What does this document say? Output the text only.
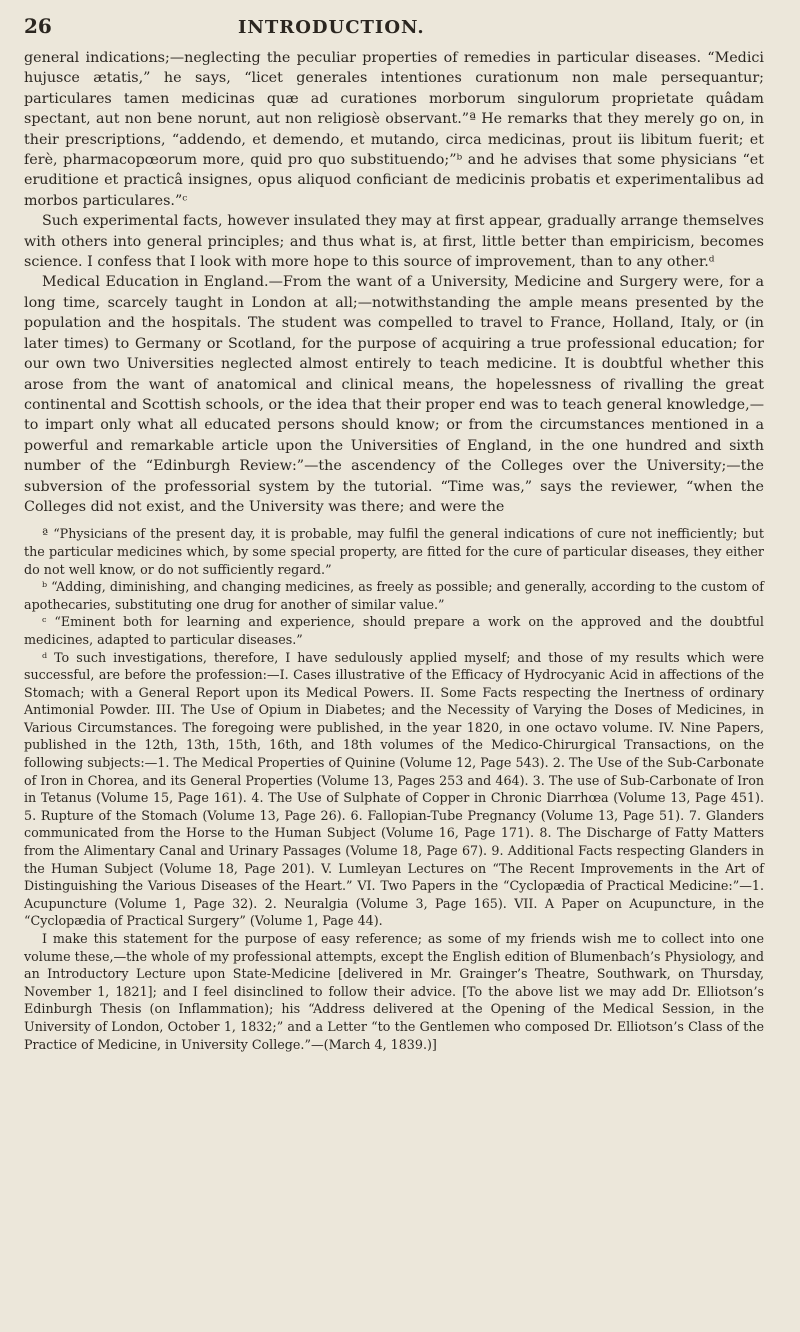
26	INTRODUCTION.

general indications;—neglecting the peculiar properties of remedies in particular diseases. “Medici hujusce ætatis,” he says, “licet generales intentiones curationum non male persequantur; particulares tamen medicinas quæ ad curationes morborum singulorum proprietate quâdam spectant, aut non bene norunt, aut non religiosè observant.”ª He remarks that they merely go on, in their prescriptions, “addendo, et demendo, et mutando, circa medicinas, prout iis libitum fuerit; et ferè, pharmacopœorum more, quid pro quo substituendo;”ᵇ and he advises that some physicians “et eruditione et practicâ insignes, opus aliquod conficiant de medicinis probatis et experimentalibus ad morbos particulares.”ᶜ

Such experimental facts, however insulated they may at first appear, gradually arrange themselves with others into general principles; and thus what is, at first, little better than empiricism, becomes science. I confess that I look with more hope to this source of improvement, than to any other.ᵈ

Medical Education in England.—From the want of a University, Medicine and Surgery were, for a long time, scarcely taught in London at all;—notwithstanding the ample means presented by the population and the hospitals. The student was compelled to travel to France, Holland, Italy, or (in later times) to Germany or Scotland, for the purpose of acquiring a true professional education; for our own two Universities neglected almost entirely to teach medicine. It is doubtful whether this arose from the want of anatomical and clinical means, the hopelessness of rivalling the great continental and Scottish schools, or the idea that their proper end was to teach general knowledge,—to impart only what all educated persons should know; or from the circumstances mentioned in a powerful and remarkable article upon the Universities of England, in the one hundred and sixth number of the “Edinburgh Review:”—the ascendency of the Colleges over the University;—the subversion of the professorial system by the tutorial. “Time was,” says the reviewer, “when the Colleges did not exist, and the University was there; and were the

ª “Physicians of the present day, it is probable, may fulfil the general indications of cure not inefficiently; but the particular medicines which, by some special property, are fitted for the cure of particular diseases, they either do not well know, or do not sufficiently regard.”

ᵇ “Adding, diminishing, and changing medicines, as freely as possible; and generally, according to the custom of apothecaries, substituting one drug for another of similar value.”

ᶜ “Eminent both for learning and experience, should prepare a work on the approved and the doubtful medicines, adapted to particular diseases.”

ᵈ To such investigations, therefore, I have sedulously applied myself; and those of my results which were successful, are before the profession:—I. Cases illustrative of the Efficacy of Hydrocyanic Acid in affections of the Stomach; with a General Report upon its Medical Powers. II. Some Facts respecting the Inertness of ordinary Antimonial Powder. III. The Use of Opium in Diabetes; and the Necessity of Varying the Doses of Medicines, in Various Circumstances. The foregoing were published, in the year 1820, in one octavo volume. IV. Nine Papers, published in the 12th, 13th, 15th, 16th, and 18th volumes of the Medico-Chirurgical Transactions, on the following subjects:—1. The Medical Properties of Quinine (Volume 12, Page 543). 2. The Use of the Sub-Carbonate of Iron in Chorea, and its General Properties (Volume 13, Pages 253 and 464). 3. The use of Sub-Carbonate of Iron in Tetanus (Volume 15, Page 161). 4. The Use of Sulphate of Copper in Chronic Diarrhœa (Volume 13, Page 451). 5. Rupture of the Stomach (Volume 13, Page 26). 6. Fallopian-Tube Pregnancy (Volume 13, Page 51). 7. Glanders communicated from the Horse to the Human Subject (Volume 16, Page 171). 8. The Discharge of Fatty Matters from the Alimentary Canal and Urinary Passages (Volume 18, Page 67). 9. Additional Facts respecting Glanders in the Human Subject (Volume 18, Page 201). V. Lumleyan Lectures on “The Recent Improvements in the Art of Distinguishing the Various Diseases of the Heart.” VI. Two Papers in the “Cyclopædia of Practical Medicine:”—1. Acupuncture (Volume 1, Page 32). 2. Neuralgia (Volume 3, Page 165). VII. A Paper on Acupuncture, in the “Cyclopædia of Practical Surgery” (Volume 1, Page 44).

I make this statement for the purpose of easy reference; as some of my friends wish me to collect into one volume these,—the whole of my professional attempts, except the English edition of Blumenbach’s Physiology, and an Introductory Lecture upon State-Medicine [delivered in Mr. Grainger’s Theatre, Southwark, on Thursday, November 1, 1821]; and I feel disinclined to follow their advice. [To the above list we may add Dr. Elliotson’s Edinburgh Thesis (on Inflammation); his “Address delivered at the Opening of the Medical Session, in the University of London, October 1, 1832;” and a Letter “to the Gentlemen who composed Dr. Elliotson’s Class of the Practice of Medicine, in University College.”—(March 4, 1839.)]
